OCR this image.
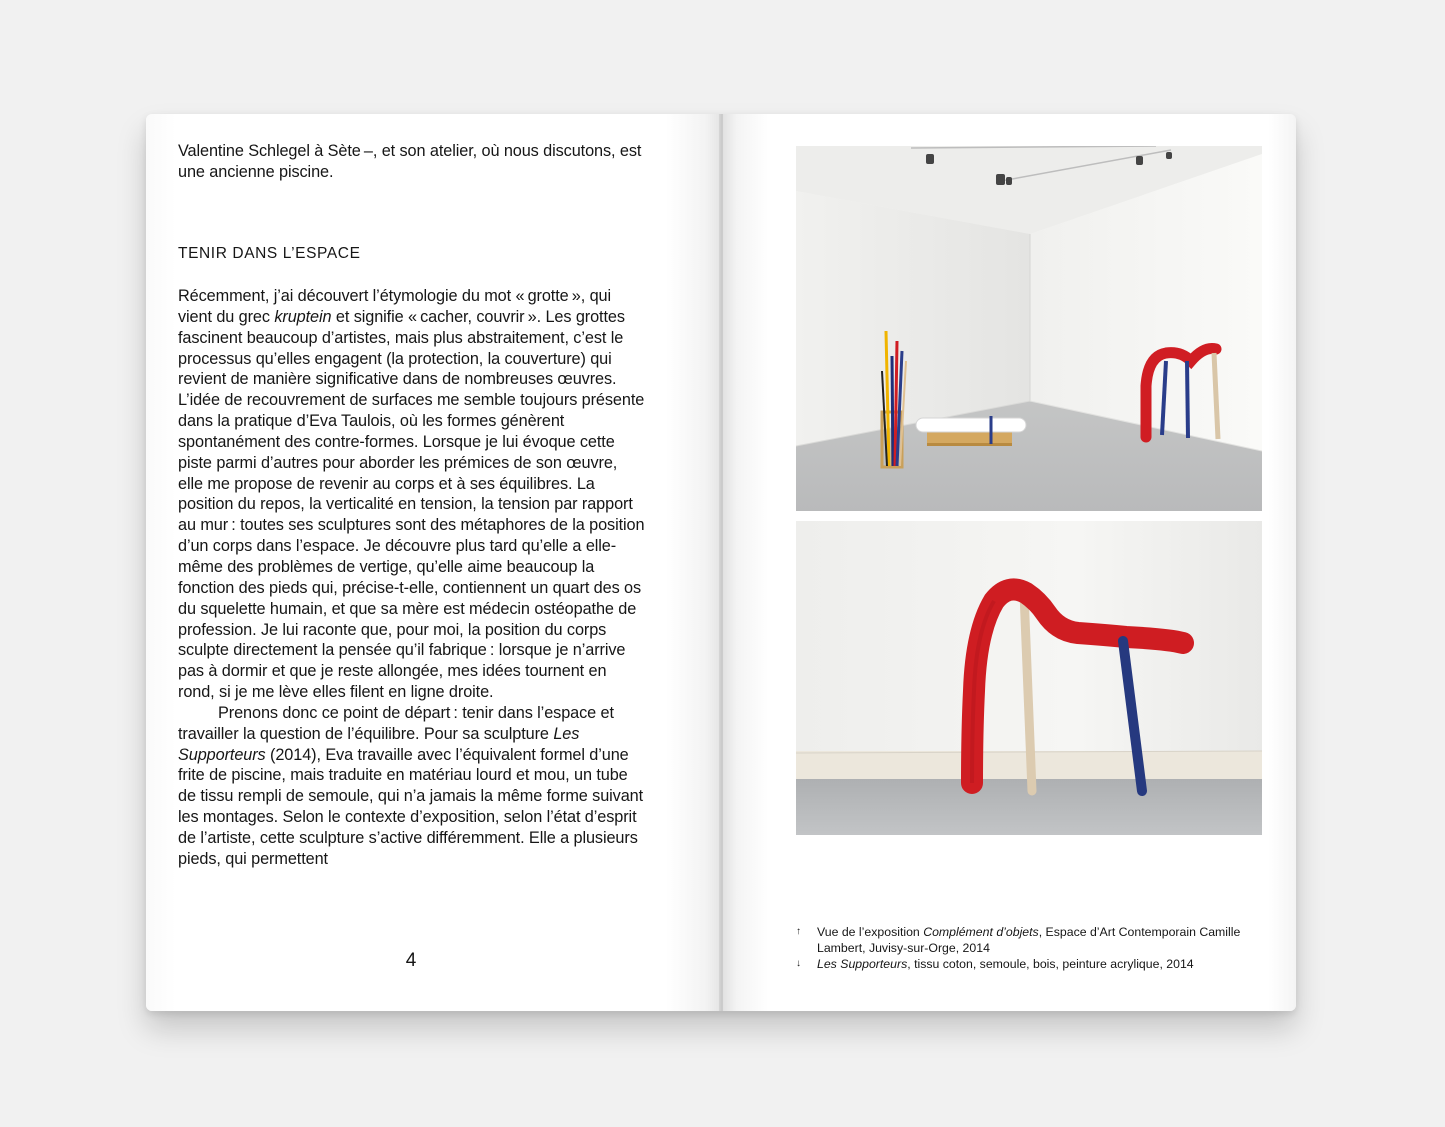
Valentine Schlegel à Sète –, et son atelier, où nous discutons, est une ancienne piscine.

TENIR DANS L’ESPACE

Récemment, j’ai découvert l’étymologie du mot « grotte », qui vient du grec kruptein et signifie « cacher, couvrir ». Les grottes fascinent beaucoup d’artistes, mais plus abstraitement, c’est le processus qu’elles engagent (la protection, la couverture) qui revient de manière significative dans de nombreuses œuvres. L’idée de recouvrement de surfaces me semble toujours présente dans la pratique d’Eva Taulois, où les formes génèrent spontanément des contre-formes. Lorsque je lui évoque cette piste parmi d’autres pour aborder les prémices de son œuvre, elle me propose de revenir au corps et à ses équilibres. La position du repos, la verticalité en tension, la tension par rapport au mur : toutes ses sculptures sont des métaphores de la position d’un corps dans l’espace. Je découvre plus tard qu’elle a elle-même des problèmes de vertige, qu’elle aime beaucoup la fonction des pieds qui, précise-t-elle, contiennent un quart des os du squelette humain, et que sa mère est médecin ostéopathe de profession. Je lui raconte que, pour moi, la position du corps sculpte directement la pensée qu’il fabrique : lorsque je n’arrive pas à dormir et que je reste allongée, mes idées tournent en rond, si je me lève elles filent en ligne droite.

Prenons donc ce point de départ : tenir dans l’espace et travailler la question de l’équilibre. Pour sa sculpture Les Supporteurs (2014), Eva travaille avec l’équivalent formel d’une frite de piscine, mais traduite en matériau lourd et mou, un tube de tissu rempli de semoule, qui n’a jamais la même forme suivant les montages. Selon le contexte d’exposition, selon l’état d’esprit de l’artiste, cette sculpture s’active différemment. Elle a plusieurs pieds, qui permettent

4
↑	Vue de l’exposition Complément d’objets, Espace d’Art Contemporain Camille Lambert, Juvisy-sur-Orge, 2014
↓	Les Supporteurs, tissu coton, semoule, bois, peinture acrylique, 2014
